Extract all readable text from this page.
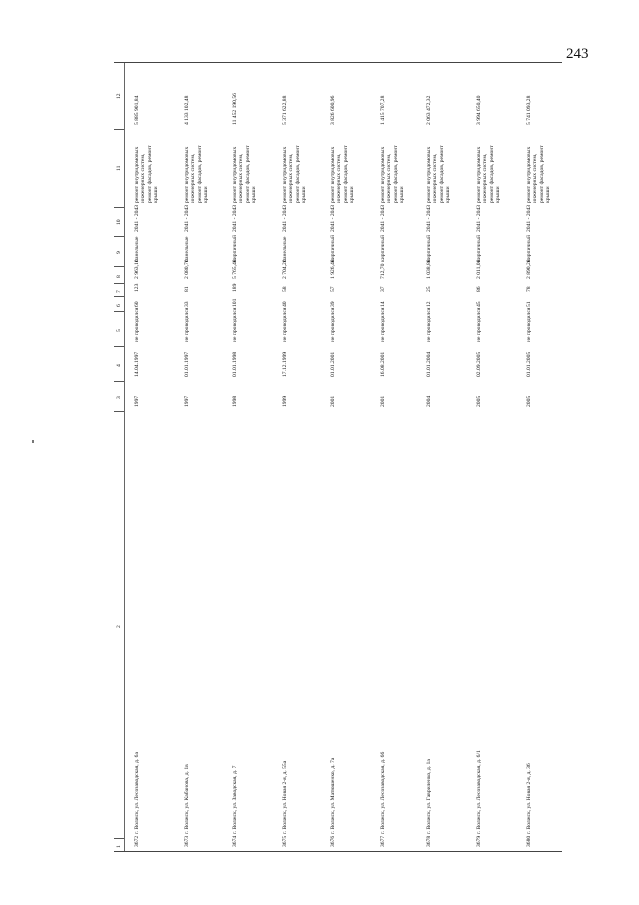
243
1
2
3
4
5
6
7
8
9
10
11
12
3672
г. Волжск, ул. Лесозаводская, д. 6а
1997
14.04.1997
не проводился
60
123
2 963,10
панельные
2041 - 2043
ремонт внутридомовых инженерных систем, ремонт фасадов, ремонт крыши
5 885 901,84
3673
г. Волжск, ул. Кабанова, д. 1в
1997
01.01.1997
не проводился
33
81
2 080,70
панельные
2041 - 2043
ремонт внутридомовых инженерных систем, ремонт фасадов, ремонт крыши
4 133 102,48
3674
г. Волжск, ул. Заводская, д. 7
1998
01.01.1998
не проводился
101
189
5 765,40
кирпичный
2041 - 2043
ремонт внутридомовых инженерных систем, ремонт фасадов, ремонт крыши
11 452 190,56
3675
г. Волжск, ул. Новая 2-я, д. 55а
1999
17.12.1999
не проводился
40
58
2 704,20
панельные
2041 - 2043
ремонт внутридомовых инженерных систем, ремонт фасадов, ремонт крыши
5 371 622,88
3676
г. Волжск, ул. Матюшенко, д. 7а
2001
01.01.2001
не проводился
39
57
1 926,40
кирпичный
2041 - 2043
ремонт внутридомовых инженерных систем, ремонт фасадов, ремонт крыши
3 826 600,96
3677
г. Волжск, ул. Лесозаводская, д. 66
2001
16.08.2001
не проводился
14
37
712,70
кирпичный
2041 - 2043
ремонт внутридомовых инженерных систем, ремонт фасадов, ремонт крыши
1 415 707,28
3678
г. Волжск, ул. Гавриленко, д. 1а
2004
01.01.2004
не проводился
12
25
1 038,80
кирпичный
2041 - 2043
ремонт внутридомовых инженерных систем, ремонт фасадов, ремонт крыши
2 063 472,32
3679
г. Волжск, ул. Лесозаводская, д. 6/1
2005
02.09.2005
не проводился
45
86
2 011,00
кирпичный
2041 - 2043
ремонт внутридомовых инженерных систем, ремонт фасадов, ремонт крыши
3 994 650,40
3680
г. Волжск, ул. Новая 2-я, д. 36
2005
01.01.2005
не проводился
51
78
2 890,20
кирпичный
2041 - 2043
ремонт внутридомовых инженерных систем, ремонт фасадов, ремонт крыши
5 741 093,28
